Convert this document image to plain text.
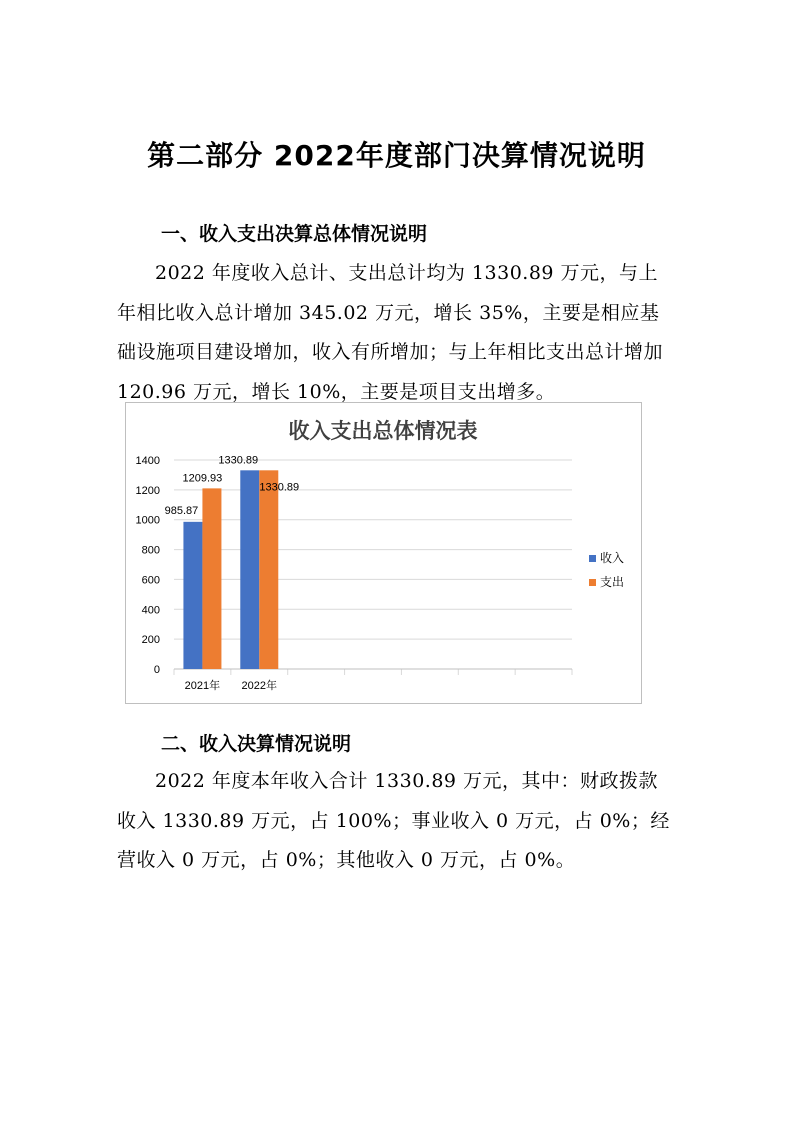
第二部分 2022年度部门决算情况说明
一、收入支出决算总体情况说明

2022 年度收入总计、支出总计均为 1330.89 万元，与上年相比收入总计增加 345.02 万元，增长 35%，主要是相应基础设施项目建设增加，收入有所增加；与上年相比支出总计增加 120.96 万元，增长 10%，主要是项目支出增多。

收入支出总体情况表
0
200
400
600
800
1000
1200
1400
2021年 2022年
985.87
1209.93
1330.89
1330.89
收入
支出
二、收入决算情况说明

2022 年度本年收入合计 1330.89 万元，其中：财政拨款收入 1330.89 万元，占 100%；事业收入 0 万元，占 0%；经营收入 0 万元，占 0%；其他收入 0 万元，占 0%。
